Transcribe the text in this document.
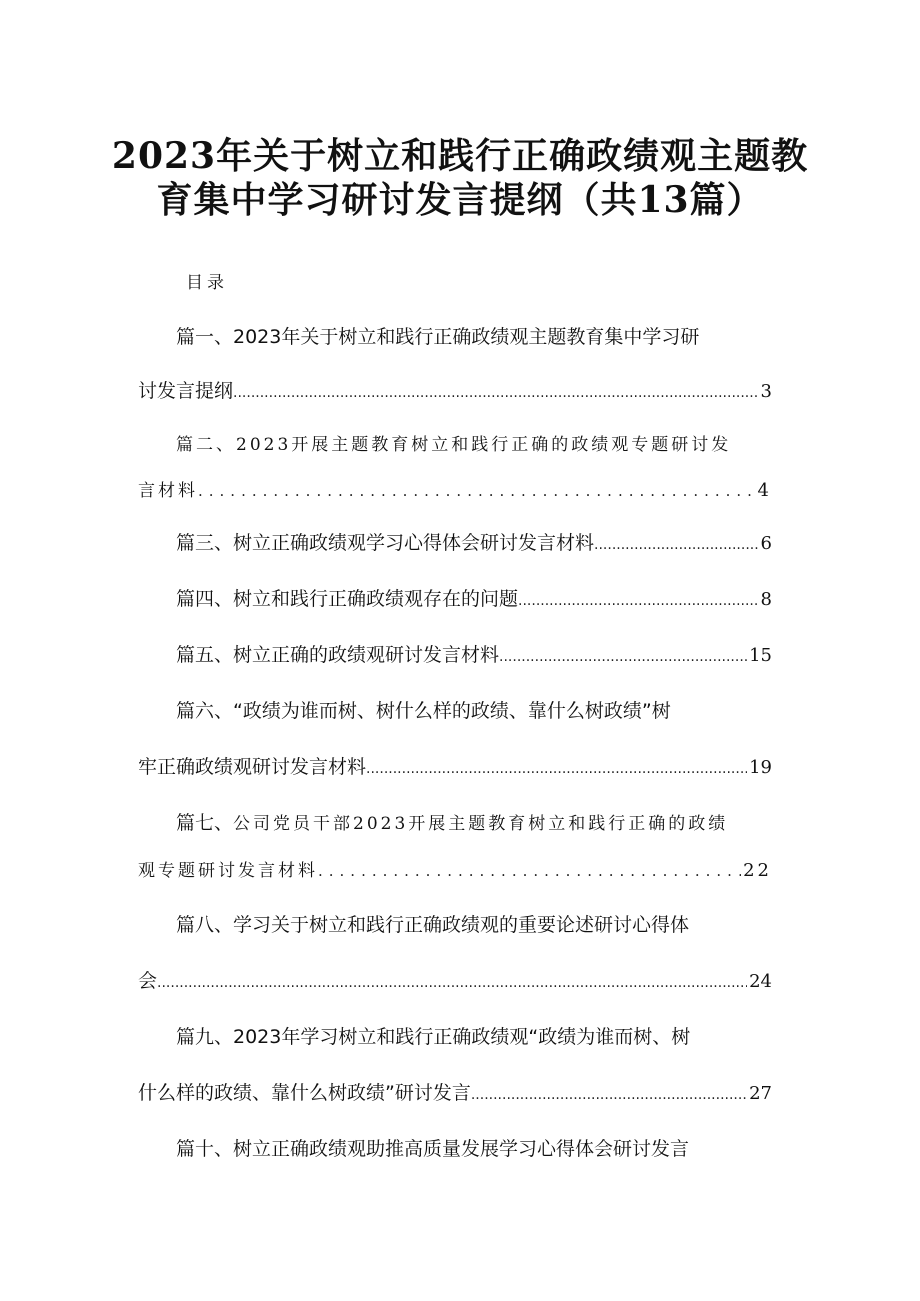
2023年关于树立和践行正确政绩观主题教
育集中学习研讨发言提纲（共13篇）
目录
篇一、2023年关于树立和践行正确政绩观主题教育集中学习研
讨发言提纲 .....	3
篇二、2023开展主题教育树立和践行正确的政绩观专题研讨发
言材料 .....	4
篇三、树立正确政绩观学习心得体会研讨发言材料 .....	6
篇四、树立和践行正确政绩观存在的问题 .....	8
篇五、树立正确的政绩观研讨发言材料 .....	15
篇六、“政绩为谁而树、树什么样的政绩、靠什么树政绩”树
牢正确政绩观研讨发言材料 .....	19
篇七、公司党员干部2023开展主题教育树立和践行正确的政绩
观专题研讨发言材料 .....	22
篇八、学习关于树立和践行正确政绩观的重要论述研讨心得体
会 .....	24
篇九、2023年学习树立和践行正确政绩观“政绩为谁而树、树
什么样的政绩、靠什么树政绩”研讨发言 .....	27
篇十、树立正确政绩观助推高质量发展学习心得体会研讨发言
